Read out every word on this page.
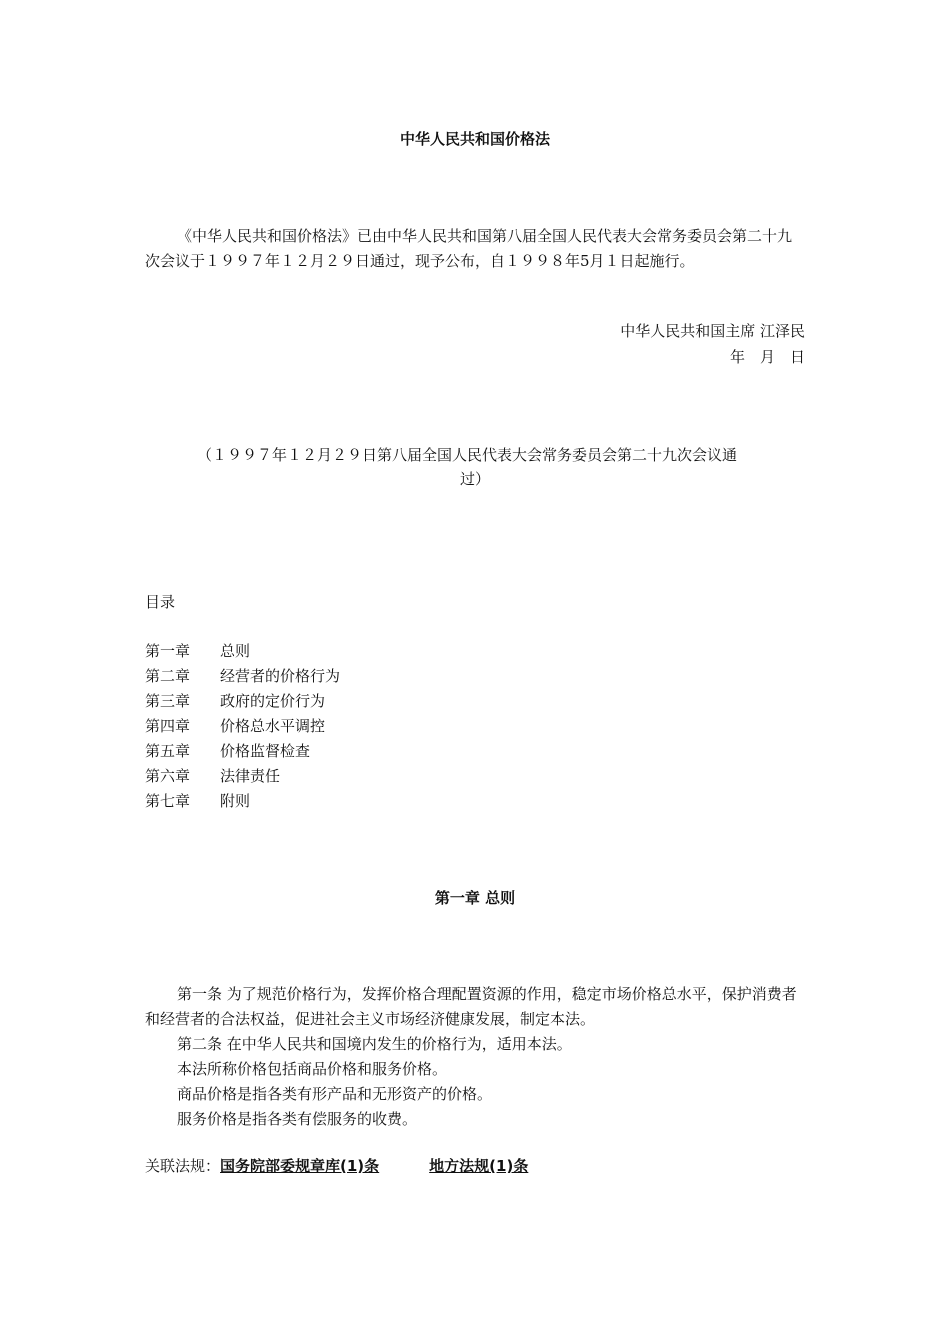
中华人民共和国价格法
《中华人民共和国价格法》已由中华人民共和国第八届全国人民代表大会常务委员会第二十九次会议于１９９７年１２月２９日通过，现予公布，自１９９８年5月１日起施行。
中华人民共和国主席 江泽民
年　月　日
（１９９７年１２月２９日第八届全国人民代表大会常务委员会第二十九次会议通
过）
目录
第一章 总则
第二章 经营者的价格行为
第三章 政府的定价行为
第四章 价格总水平调控
第五章 价格监督检查
第六章 法律责任
第七章 附则
第一章 总则
第一条 为了规范价格行为，发挥价格合理配置资源的作用，稳定市场价格总水平，保护消费者和经营者的合法权益，促进社会主义市场经济健康发展，制定本法。
第二条 在中华人民共和国境内发生的价格行为，适用本法。
本法所称价格包括商品价格和服务价格。
商品价格是指各类有形产品和无形资产的价格。
服务价格是指各类有偿服务的收费。
关联法规：国务院部委规章库(1)条	地方法规(1)条
